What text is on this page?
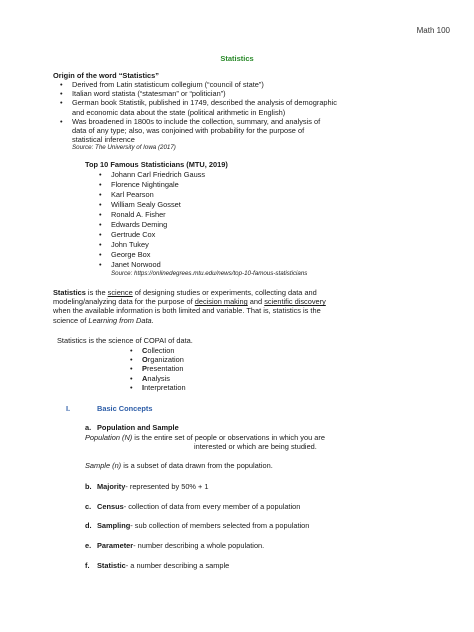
Math 100
Statistics
Origin of the word “Statistics”
• Derived from Latin statisticum collegium (“council of state”)
• Italian word statista (“statesman” or “politician”)
• German book Statistik, published in 1749, described the analysis of demographic
and economic data about the state (political arithmetic in English)
• Was broadened in 1800s to include the collection, summary, and analysis of
data of any type; also, was conjoined with probability for the purpose of
statistical inference
Source: The University of Iowa (2017)
Top 10 Famous Statisticians (MTU, 2019)
• Johann Carl Friedrich Gauss
• Florence Nightingale
• Karl Pearson
• William Sealy Gosset
• Ronald A. Fisher
• Edwards Deming
• Gertrude Cox
• John Tukey
• George Box
• Janet Norwood
Source: https://onlinedegrees.mtu.edu/news/top-10-famous-statisticians
Statistics is the science of designing studies or experiments, collecting data and
modeling/analyzing data for the purpose of decision making and scientific discovery
when the available information is both limited and variable. That is, statistics is the
science of Learning from Data.
Statistics is the science of COPAI of data.
• Collection
• Organization
• Presentation
• Analysis
• Interpretation
I.	Basic Concepts
a. Population and Sample
Population (N) is the entire set of people or observations in which you are
interested or which are being studied.
Sample (n) is a subset of data drawn from the population.
b. Majority- represented by 50% + 1
c. Census- collection of data from every member of a population
d. Sampling- sub collection of members selected from a population
e. Parameter- number describing a whole population.
f. Statistic- a number describing a sample
